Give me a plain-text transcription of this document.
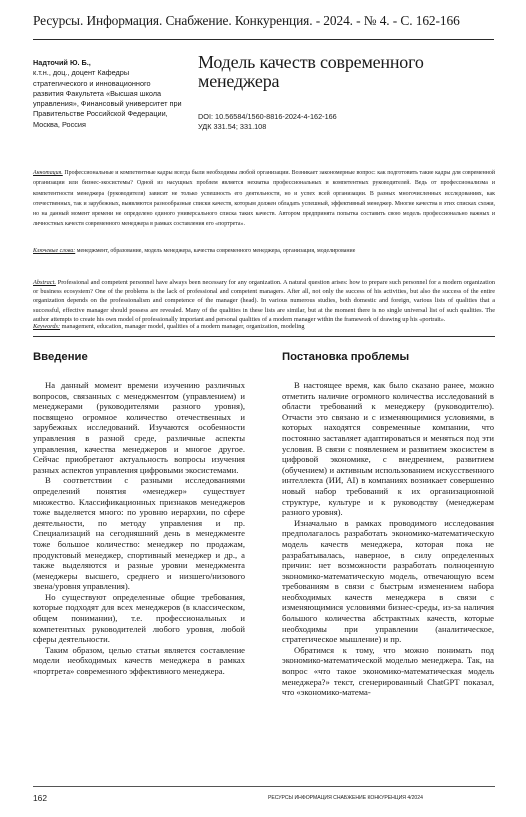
Ресурсы. Информация. Снабжение. Конкуренция. - 2024. - № 4. - С. 162-166
Надточий Ю. Б.,
к.т.н., доц., доцент Кафедры стратегического и инновационного развития Факультета «Высшая школа управления», Финансовый университет при Правительстве Российской Федерации, Москва, Россия
Модель качеств современного менеджера
DOI: 10.56584/1560-8816-2024-4-162-166
УДК 331.54; 331.108
Аннотация. Профессиональные и компетентные кадры всегда были необходимы любой организации. Возникает закономерные вопрос: как подготовить такие кадры для современной организации или бизнес-экосистемы? Одной из насущных проблем является нехватка профессиональных и компетентных руководителей. Ведь от профессионализма и компетентности менеджера (руководителя) зависит не только успешность его деятельности, но и успех всей организации. В разных многочисленных исследованиях, как отечественных, так и зарубежных, выявляются разнообразные списки качеств, которым должен обладать успешный, эффективный менеджер. Многие качества в этих списках схожи, но на данный момент времени не определено единого универсального списка таких качеств. Автором предпринята попытка составить свою модель профессионально важных и личностных качеств современного менеджера в рамках составления его «портрета».
Ключевые слова: менеджмент, образование, модель менеджера, качества современного менеджера, организация, моделирование
Abstract. Professional and competent personnel have always been necessary for any organization. A natural question arises: how to prepare such personnel for a modern organization or business ecosystem? One of the problems is the lack of professional and competent managers. After all, not only the success of his activities, but also the success of the entire organization depends on the professionalism and competence of the manager (head). In various numerous studies, both domestic and foreign, various lists of qualities that a successful, effective manager should possess are revealed. Many of the qualities in these lists are similar, but at the moment there is no single universal list of such qualities. The author attempts to create his own model of professionally important and personal qualities of a modern manager within the framework of drawing up his «portrait».
Keywords: management, education, manager model, qualities of a modern manager, organization, modeling
Введение

На данный момент времени изучению различных вопросов, связанных с менеджментом (управлением) и менеджерами (руководителями разного уровня), посвящено огромное количество отечественных и зарубежных исследований. Изучаются особенности управления в разной среде, различные аспекты управления, качества менеджеров и многое другое. Сейчас приобретают актуальность вопросы изучения разных аспектов управления цифровыми экосистемами.

В соответствии с разными исследованиями определений понятия «менеджер» существует множество. Классификационных признаков менеджеров тоже выделяется много: по уровню иерархии, по сфере деятельности, по методу управления и пр. Специализаций на сегодняшний день в менеджменте тоже большое количество: менеджер по продажам, продуктовый менеджер, спортивный менеджер и др., а также выделяются и разные уровни менеджмента (менеджеры высшего, среднего и низшего/низового звена/уровня управления).

Но существуют определенные общие требования, которые подходят для всех менеджеров (в классическом, общем понимании), т.е. профессиональных и компетентных руководителей любого уровня, любой сферы деятельности.

Таким образом, целью статьи является составление модели необходимых качеств менеджера в рамках «портрета» современного эффективного менеджера.

Постановка проблемы

В настоящее время, как было сказано ранее, можно отметить наличие огромного количества исследований в области требований к менеджеру (руководителю). Отчасти это связано и с изменяющимися условиями, в которых находятся современные компании, что постоянно заставляет адаптироваться и меняться под эти условия. В связи с появлением и развитием экосистем в цифровой экономике, с внедрением, развитием (обучением) и активным использованием искусственного интеллекта (ИИ, AI) в компаниях возникает совершенно новый набор требований к их организационной структуре, культуре и к руководству (менеджерам разного уровня).

Изначально в рамках проводимого исследования предполагалось разработать экономико-математическую модель качеств менеджера, которая пока не разрабатывалась, наверное, в силу определенных причин: нет возможности разработать полноценную экономико-математическую модель, отвечающую всем требованиям в связи с быстрым изменением набора необходимых качеств менеджера в связи с изменяющимися условиями бизнес-среды, из-за наличия большого количества абстрактных качеств, которые необходимы при управлении (аналитическое, стратегическое мышление) и пр.

Обратимся к тому, что можно понимать под экономико-математической моделью менеджера. Так, на вопрос «что такое экономико-математическая модель менеджера?» текст, сгенерированный ChatGPT показал, что «экономико-матема-

162	РЕСУРСЫ ИНФОРМАЦИЯ СНАБЖЕНИЕ КОНКУРЕНЦИЯ 4/2024
